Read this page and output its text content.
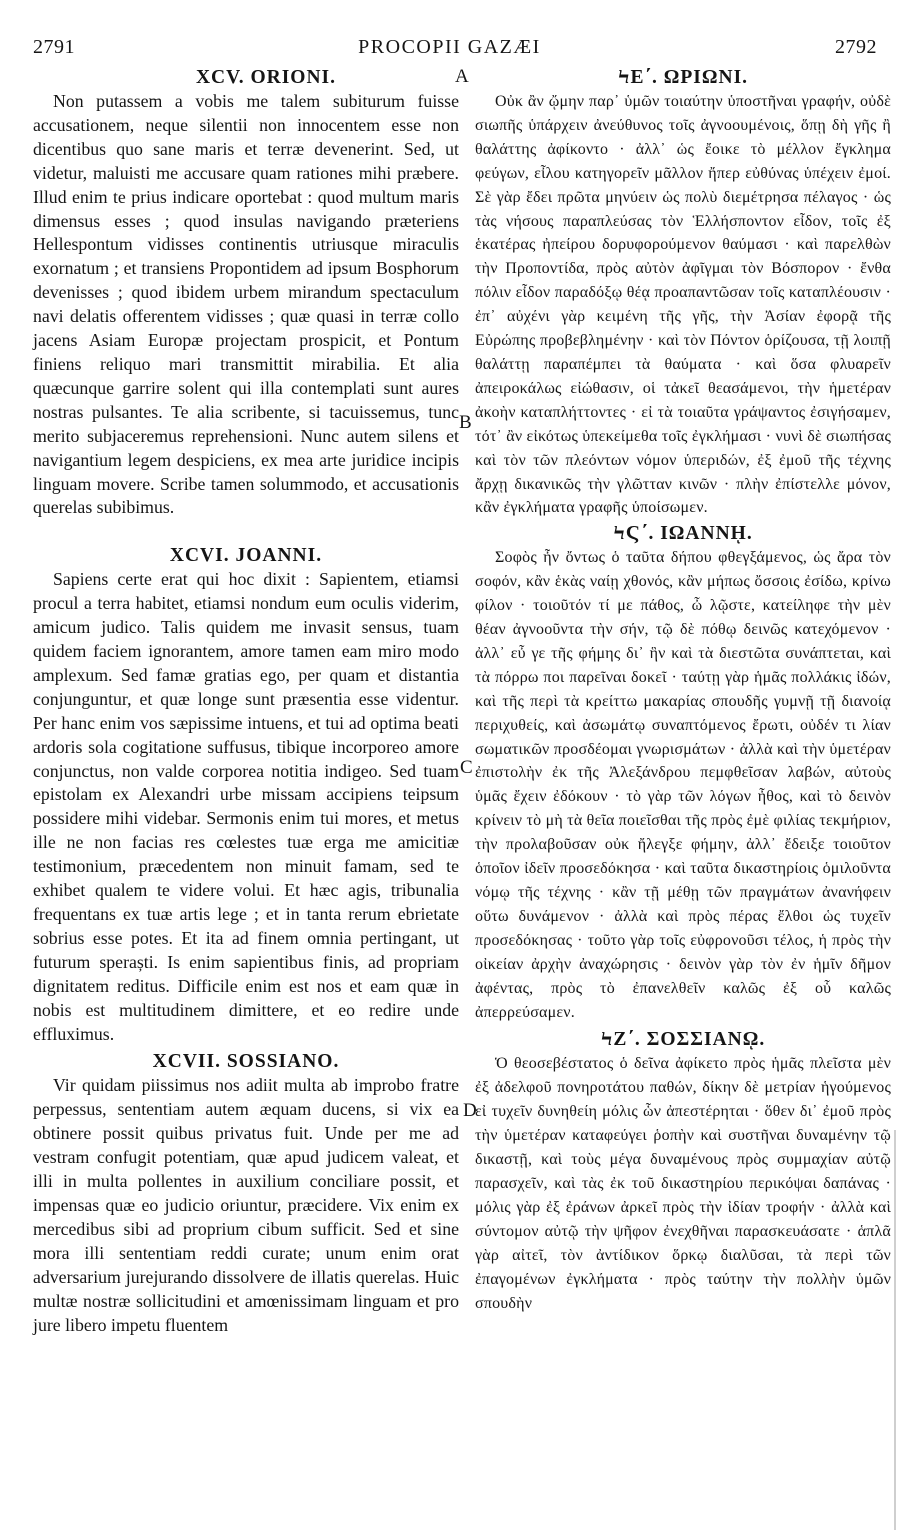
2791	PROCOPII GAZÆI	2792
A
B
C
D
XCV. ORIONI.

Non putassem a vobis me talem subiturum fuisse accusationem, neque silentii non innocentem esse non dicentibus quo sane maris et terræ devenerint. Sed, ut videtur, maluisti me accusare quam rationes mihi præbere. Illud enim te prius indicare oportebat : quod multum maris dimensus esses ; quod insulas navigando præteriens Hellespontum vidisses continentis utriusque miraculis exornatum ; et transiens Propontidem ad ipsum Bosphorum devenisses ; quod ibidem urbem mirandum spectaculum navi delatis offerentem vidisses ; quæ quasi in terræ collo jacens Asiam Europæ projectam prospicit, et Pontum finiens reliquo mari transmittit mirabilia. Et alia quæcunque garrire solent qui illa contemplati sunt aures nostras pulsantes. Te alia scribente, si tacuissemus, tunc merito subjaceremus reprehensioni. Nunc autem silens et navigantium legem despiciens, ex mea arte juridice incipis linguam movere. Scribe tamen solummodo, et accusationis querelas subibimus.

XCVI. JOANNI.

Sapiens certe erat qui hoc dixit : Sapientem, etiamsi procul a terra habitet, etiamsi nondum eum oculis viderim, amicum judico. Talis quidem me invasit sensus, tuam quidem faciem ignorantem, amore tamen eam miro modo amplexum. Sed famæ gratias ego, per quam et distantia conjunguntur, et quæ longe sunt præsentia esse videntur. Per hanc enim vos sæpissime intuens, et tui ad optima beati ardoris sola cogitatione suffusus, tibique incorporeo amore conjunctus, non valde corporea notitia indigeo. Sed tuam epistolam ex Alexandri urbe missam accipiens teipsum possidere mihi videbar. Sermonis enim tui mores, et metus ille ne non facias res cœlestes tuæ erga me amicitiæ testimonium, præcedentem non minuit famam, sed te exhibet qualem te videre volui. Et hæc agis, tribunalia frequentans ex tuæ artis lege ; et in tanta rerum ebrietate sobrius esse potes. Et ita ad finem omnia pertingant, ut futurum speraști. Is enim sapientibus finis, ad propriam dignitatem reditus. Difficile enim est nos et eam quæ in nobis est multitudinem dimittere, et eo redire unde effluximus.

XCVII. SOSSIANO.

Vir quidam piissimus nos adiit multa ab improbo fratre perpessus, sententiam autem æquam ducens, si vix ea obtinere possit quibus privatus fuit. Unde per me ad vestram confugit potentiam, quæ apud judicem valeat, et illi in multa pollentes in auxilium conciliare possit, et impensas quæ eo judicio oriuntur, præcidere. Vix enim ex mercedibus sibi ad proprium cibum sufficit. Sed et sine mora illi sententiam reddi curate; unum enim orat adversarium jurejurando dissolvere de illatis querelas. Huic multæ nostræ sollicitudini et amœnissimam linguam et pro jure libero impetu fluentem

ϞΕ΄. ΩΡΙΩΝΙ.

Οὐκ ἂν ᾤμην παρ᾽ ὑμῶν τοιαύτην ὑποστῆναι γραφήν, οὐδὲ σιωπῆς ὑπάρχειν ἀνεύθυνος τοῖς ἀγνοουμένοις, ὅπῃ δὴ γῆς ἢ θαλάττης ἀφίκοντο · ἀλλ᾽ ὡς ἔοικε τὸ μέλλον ἔγκλημα φεύγων, εἶλου κατηγορεῖν μᾶλλον ἤπερ εὐθύνας ὑπέχειν ἐμοί. Σὲ γὰρ ἔδει πρῶτα μηνύειν ὡς πολὺ διεμέτρησα πέλαγος · ὡς τὰς νήσους παραπλεύσας τὸν Ἑλλήσποντον εἶδον, τοῖς ἐξ ἑκατέρας ἠπείρου δορυφορούμενον θαύμασι · καὶ παρελθὼν τὴν Προποντίδα, πρὸς αὐτὸν ἀφῖγμαι τὸν Βόσπορον · ἔνθα πόλιν εἶδον παραδόξῳ θέᾳ προαπαντῶσαν τοῖς καταπλέουσιν · ἐπ᾽ αὐχένι γὰρ κειμένη τῆς γῆς, τὴν Ἀσίαν ἐφορᾷ τῆς Εὐρώπης προβεβλημένην · καὶ τὸν Πόντον ὁρίζουσα, τῇ λοιπῇ θαλάττῃ παραπέμπει τὰ θαύματα · καὶ ὅσα φλυαρεῖν ἀπειροκάλως εἰώθασιν, οἱ τἀκεῖ θεασάμενοι, τὴν ἡμετέραν ἀκοὴν καταπλήττοντες · εἰ τὰ τοιαῦτα γράψαντος ἐσιγήσαμεν, τότ᾽ ἂν εἰκότως ὑπεκείμεθα τοῖς ἐγκλήμασι · νυνὶ δὲ σιωπήσας καὶ τὸν τῶν πλεόντων νόμον ὑπεριδών, ἐξ ἐμοῦ τῆς τέχνης ἄρχῃ δικανικῶς τὴν γλῶτταν κινῶν · πλὴν ἐπίστελλε μόνον, κἂν ἐγκλήματα γραφῆς ὑποίσωμεν.

ϞϚ΄. ΙΩΑΝΝῌ.

Σοφὸς ἦν ὄντως ὁ ταῦτα δήπου φθεγξάμενος, ὡς ἄρα τὸν σοφόν, κἂν ἑκὰς ναίῃ χθονός, κἂν μήπως ὄσσοις ἐσίδω, κρίνω φίλον · τοιοῦτόν τί με πάθος, ὦ λῷστε, κατείληφε τὴν μὲν θέαν ἀγνοοῦντα τὴν σήν, τῷ δὲ πόθῳ δεινῶς κατεχόμενον · ἀλλ᾽ εὖ γε τῆς φήμης δι᾽ ἣν καὶ τὰ διεστῶτα συνάπτεται, καὶ τὰ πόρρω ποι παρεῖναι δοκεῖ · ταύτῃ γὰρ ἡμᾶς πολλάκις ἰδών, καὶ τῆς περὶ τὰ κρείττω μακαρίας σπουδῆς γυμνῇ τῇ διανοίᾳ περιχυθείς, καὶ ἀσωμάτῳ συναπτόμενος ἔρωτι, οὐδέν τι λίαν σωματικῶν προσδέομαι γνωρισμάτων · ἀλλὰ καὶ τὴν ὑμετέραν ἐπιστολὴν ἐκ τῆς Ἀλεξάνδρου πεμφθεῖσαν λαβών, αὐτοὺς ὑμᾶς ἔχειν ἐδόκουν · τὸ γὰρ τῶν λόγων ἦθος, καὶ τὸ δεινὸν κρίνειν τὸ μὴ τὰ θεῖα ποιεῖσθαι τῆς πρὸς ἐμὲ φιλίας τεκμήριον, τὴν προλαβοῦσαν οὐκ ἤλεγξε φήμην, ἀλλ᾽ ἔδειξε τοιοῦτον ὁποῖον ἰδεῖν προσεδόκησα · καὶ ταῦτα δικαστηρίοις ὁμιλοῦντα νόμῳ τῆς τέχνης · κἂν τῇ μέθῃ τῶν πραγμάτων ἀνανήφειν οὕτω δυνάμενον · ἀλλὰ καὶ πρὸς πέρας ἔλθοι ὡς τυχεῖν προσεδόκησας · τοῦτο γὰρ τοῖς εὐφρονοῦσι τέλος, ἡ πρὸς τὴν οἰκείαν ἀρχὴν ἀναχώρησις · δεινὸν γὰρ τὸν ἐν ἡμῖν δῆμον ἀφέντας, πρὸς τὸ ἐπανελθεῖν καλῶς ἐξ οὗ καλῶς ἀπερρεύσαμεν.

ϞΖ΄. ΣΟΣΣΙΑΝῼ.

Ὁ θεοσεβέστατος ὁ δεῖνα ἀφίκετο πρὸς ἡμᾶς πλεῖστα μὲν ἐξ ἀδελφοῦ πονηροτάτου παθών, δίκην δὲ μετρίαν ἡγούμενος εἰ τυχεῖν δυνηθείη μόλις ὧν ἀπεστέρηται · ὅθεν δι᾽ ἐμοῦ πρὸς τὴν ὑμετέραν καταφεύγει ῥοπὴν καὶ συστῆναι δυναμένην τῷ δικαστῇ, καὶ τοὺς μέγα δυναμένους πρὸς συμμαχίαν αὐτῷ παρασχεῖν, καὶ τὰς ἐκ τοῦ δικαστηρίου περικόψαι δαπάνας · μόλις γὰρ ἐξ ἐράνων ἀρκεῖ πρὸς τὴν ἰδίαν τροφήν · ἀλλὰ καὶ σύντομον αὐτῷ τὴν ψῆφον ἐνεχθῆναι παρασκευάσατε · ἁπλᾶ γὰρ αἰτεῖ, τὸν ἀντίδικον ὅρκῳ διαλῦσαι, τὰ περὶ τῶν ἐπαγομένων ἐγκλήματα · πρὸς ταύτην τὴν πολλὴν ὑμῶν σπουδὴν
